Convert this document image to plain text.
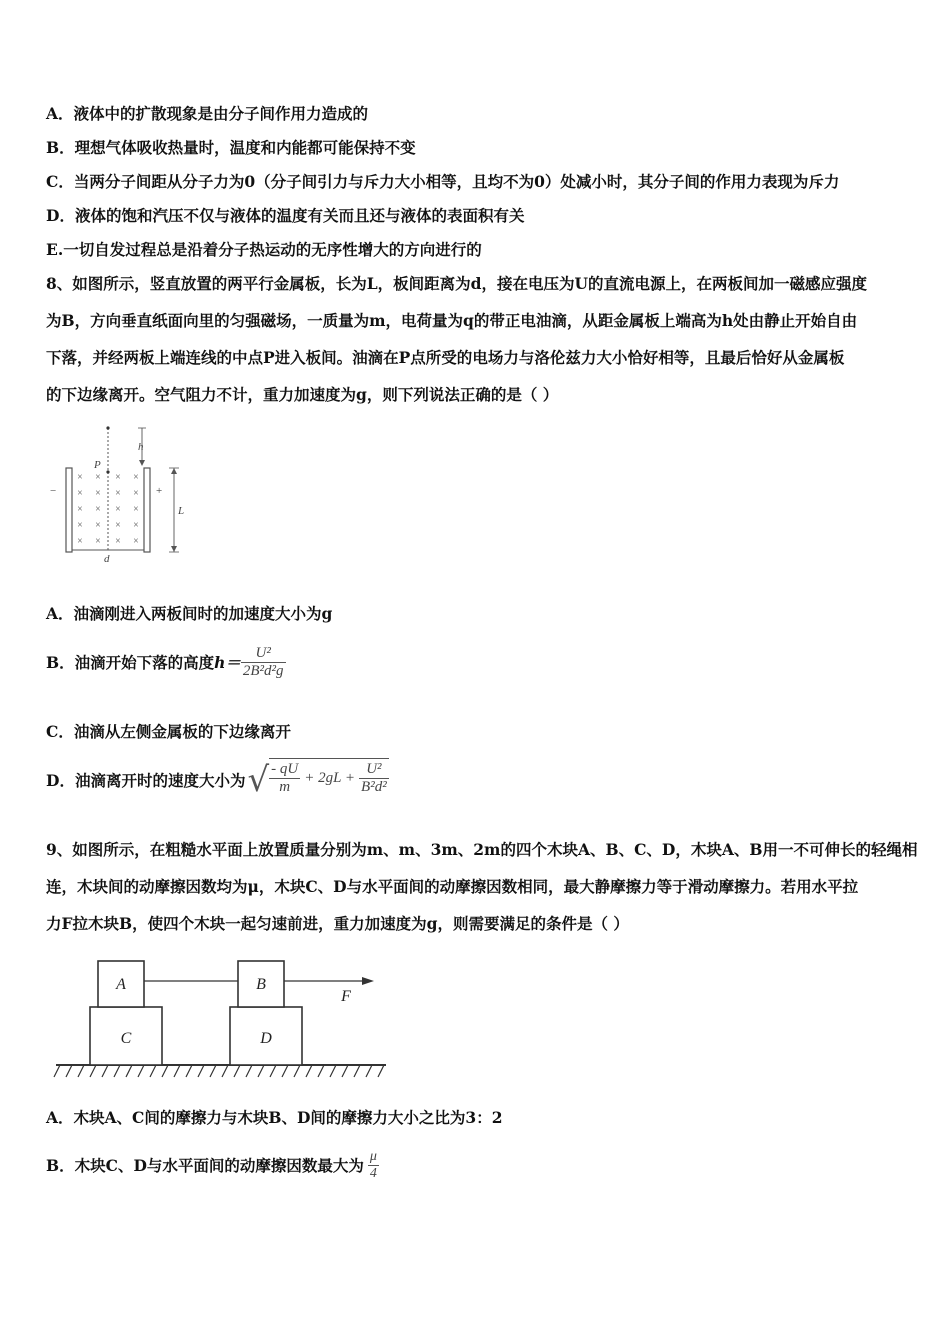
A．液体中的扩散现象是由分子间作用力造成的
B．理想气体吸收热量时，温度和内能都可能保持不变
C．当两分子间距从分子力为0（分子间引力与斥力大小相等，且均不为0）处减小时，其分子间的作用力表现为斥力
D．液体的饱和汽压不仅与液体的温度有关而且还与液体的表面积有关
E.一切自发过程总是沿着分子热运动的无序性增大的方向进行的
8、如图所示，竖直放置的两平行金属板，长为L，板间距离为d，接在电压为U的直流电源上，在两板间加一磁感应强度
为B，方向垂直纸面向里的匀强磁场，一质量为m，电荷量为q的带正电油滴，从距金属板上端高为h处由静止开始自由
下落，并经两板上端连线的中点P进入板间。油滴在P点所受的电场力与洛伦兹力大小恰好相等，且最后恰好从金属板
的下边缘离开。空气阻力不计，重力加速度为g，则下列说法正确的是（ ）
× × × ×
× × × ×
× × × ×
× × × ×
× × × ×
−	+
P
h
L
d
A．油滴刚进入两板间时的加速度大小为g
B．油滴开始下落的高度 $h= \frac{\text{U²}}{\text{2B²d²g}}$
C．油滴从左侧金属板的下边缘离开
D．油滴离开时的速度大小为 √ $\frac{- qU}{m} + 2gL + \frac{\text{U²}}{\text{B²d²}}$
9、如图所示，在粗糙水平面上放置质量分别为m、m、3m、2m的四个木块A、B、C、D，木块A、B用一不可伸长的轻绳相
连，木块间的动摩擦因数均为μ，木块C、D与水平面间的动摩擦因数相同，最大静摩擦力等于滑动摩擦力。若用水平拉
力F拉木块B，使四个木块一起匀速前进，重力加速度为g，则需要满足的条件是（ ）
A	B
C	D
F
A．木块A、C间的摩擦力与木块B、D间的摩擦力大小之比为3：2
B．木块C、D与水平面间的动摩擦因数最大为 $\frac{\mu}{4}$
